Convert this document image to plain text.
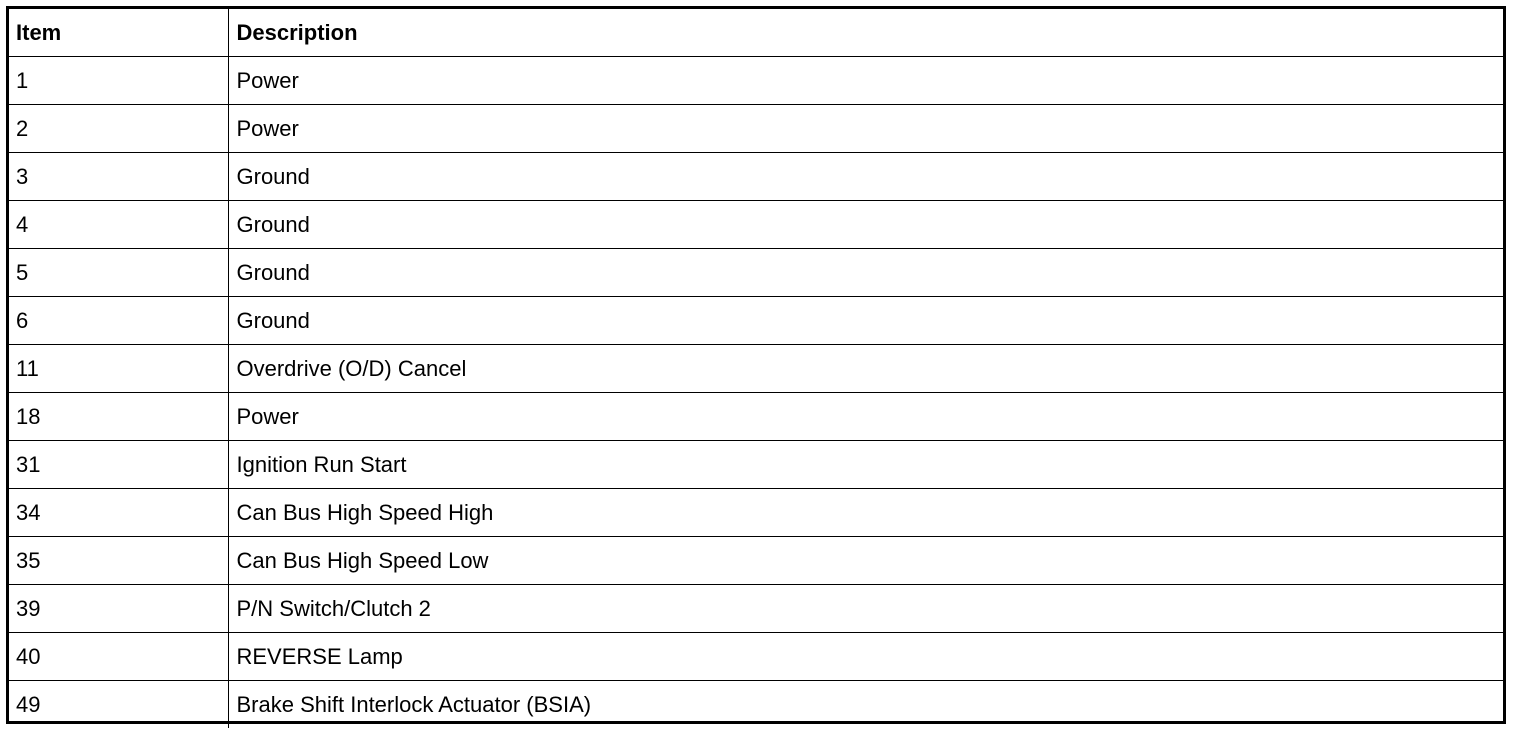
Item	Description
1	Power
2	Power
3	Ground
4	Ground
5	Ground
6	Ground
11	Overdrive (O/D) Cancel
18	Power
31	Ignition Run Start
34	Can Bus High Speed High
35	Can Bus High Speed Low
39	P/N Switch/Clutch 2
40	REVERSE Lamp
49	Brake Shift Interlock Actuator (BSIA)
